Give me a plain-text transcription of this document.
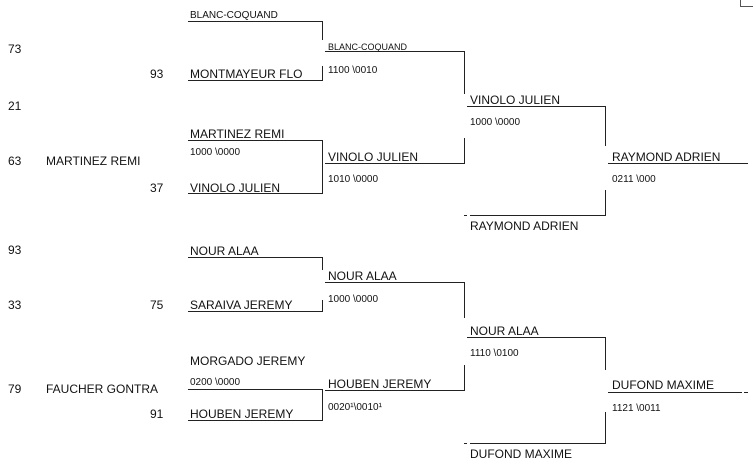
73
21
63
93
33
79
MARTINEZ REMI
FAUCHER GONTRA
93
37
75
91
BLANC-COQUAND
MONTMAYEUR FLO
MARTINEZ REMI
1000 \0000
VINOLO JULIEN
NOUR ALAA
SARAIVA JEREMY
MORGADO JEREMY
0200 \0000
HOUBEN JEREMY
BLANC-COQUAND
1100 \0010
VINOLO JULIEN
1010 \0000
NOUR ALAA
1000 \0000
HOUBEN JEREMY
0020¹\0010¹
VINOLO JULIEN
1000 \0000
RAYMOND ADRIEN
NOUR ALAA
1110 \0100
DUFOND MAXIME
RAYMOND ADRIEN
0211 \000
DUFOND MAXIME
1121 \0011
